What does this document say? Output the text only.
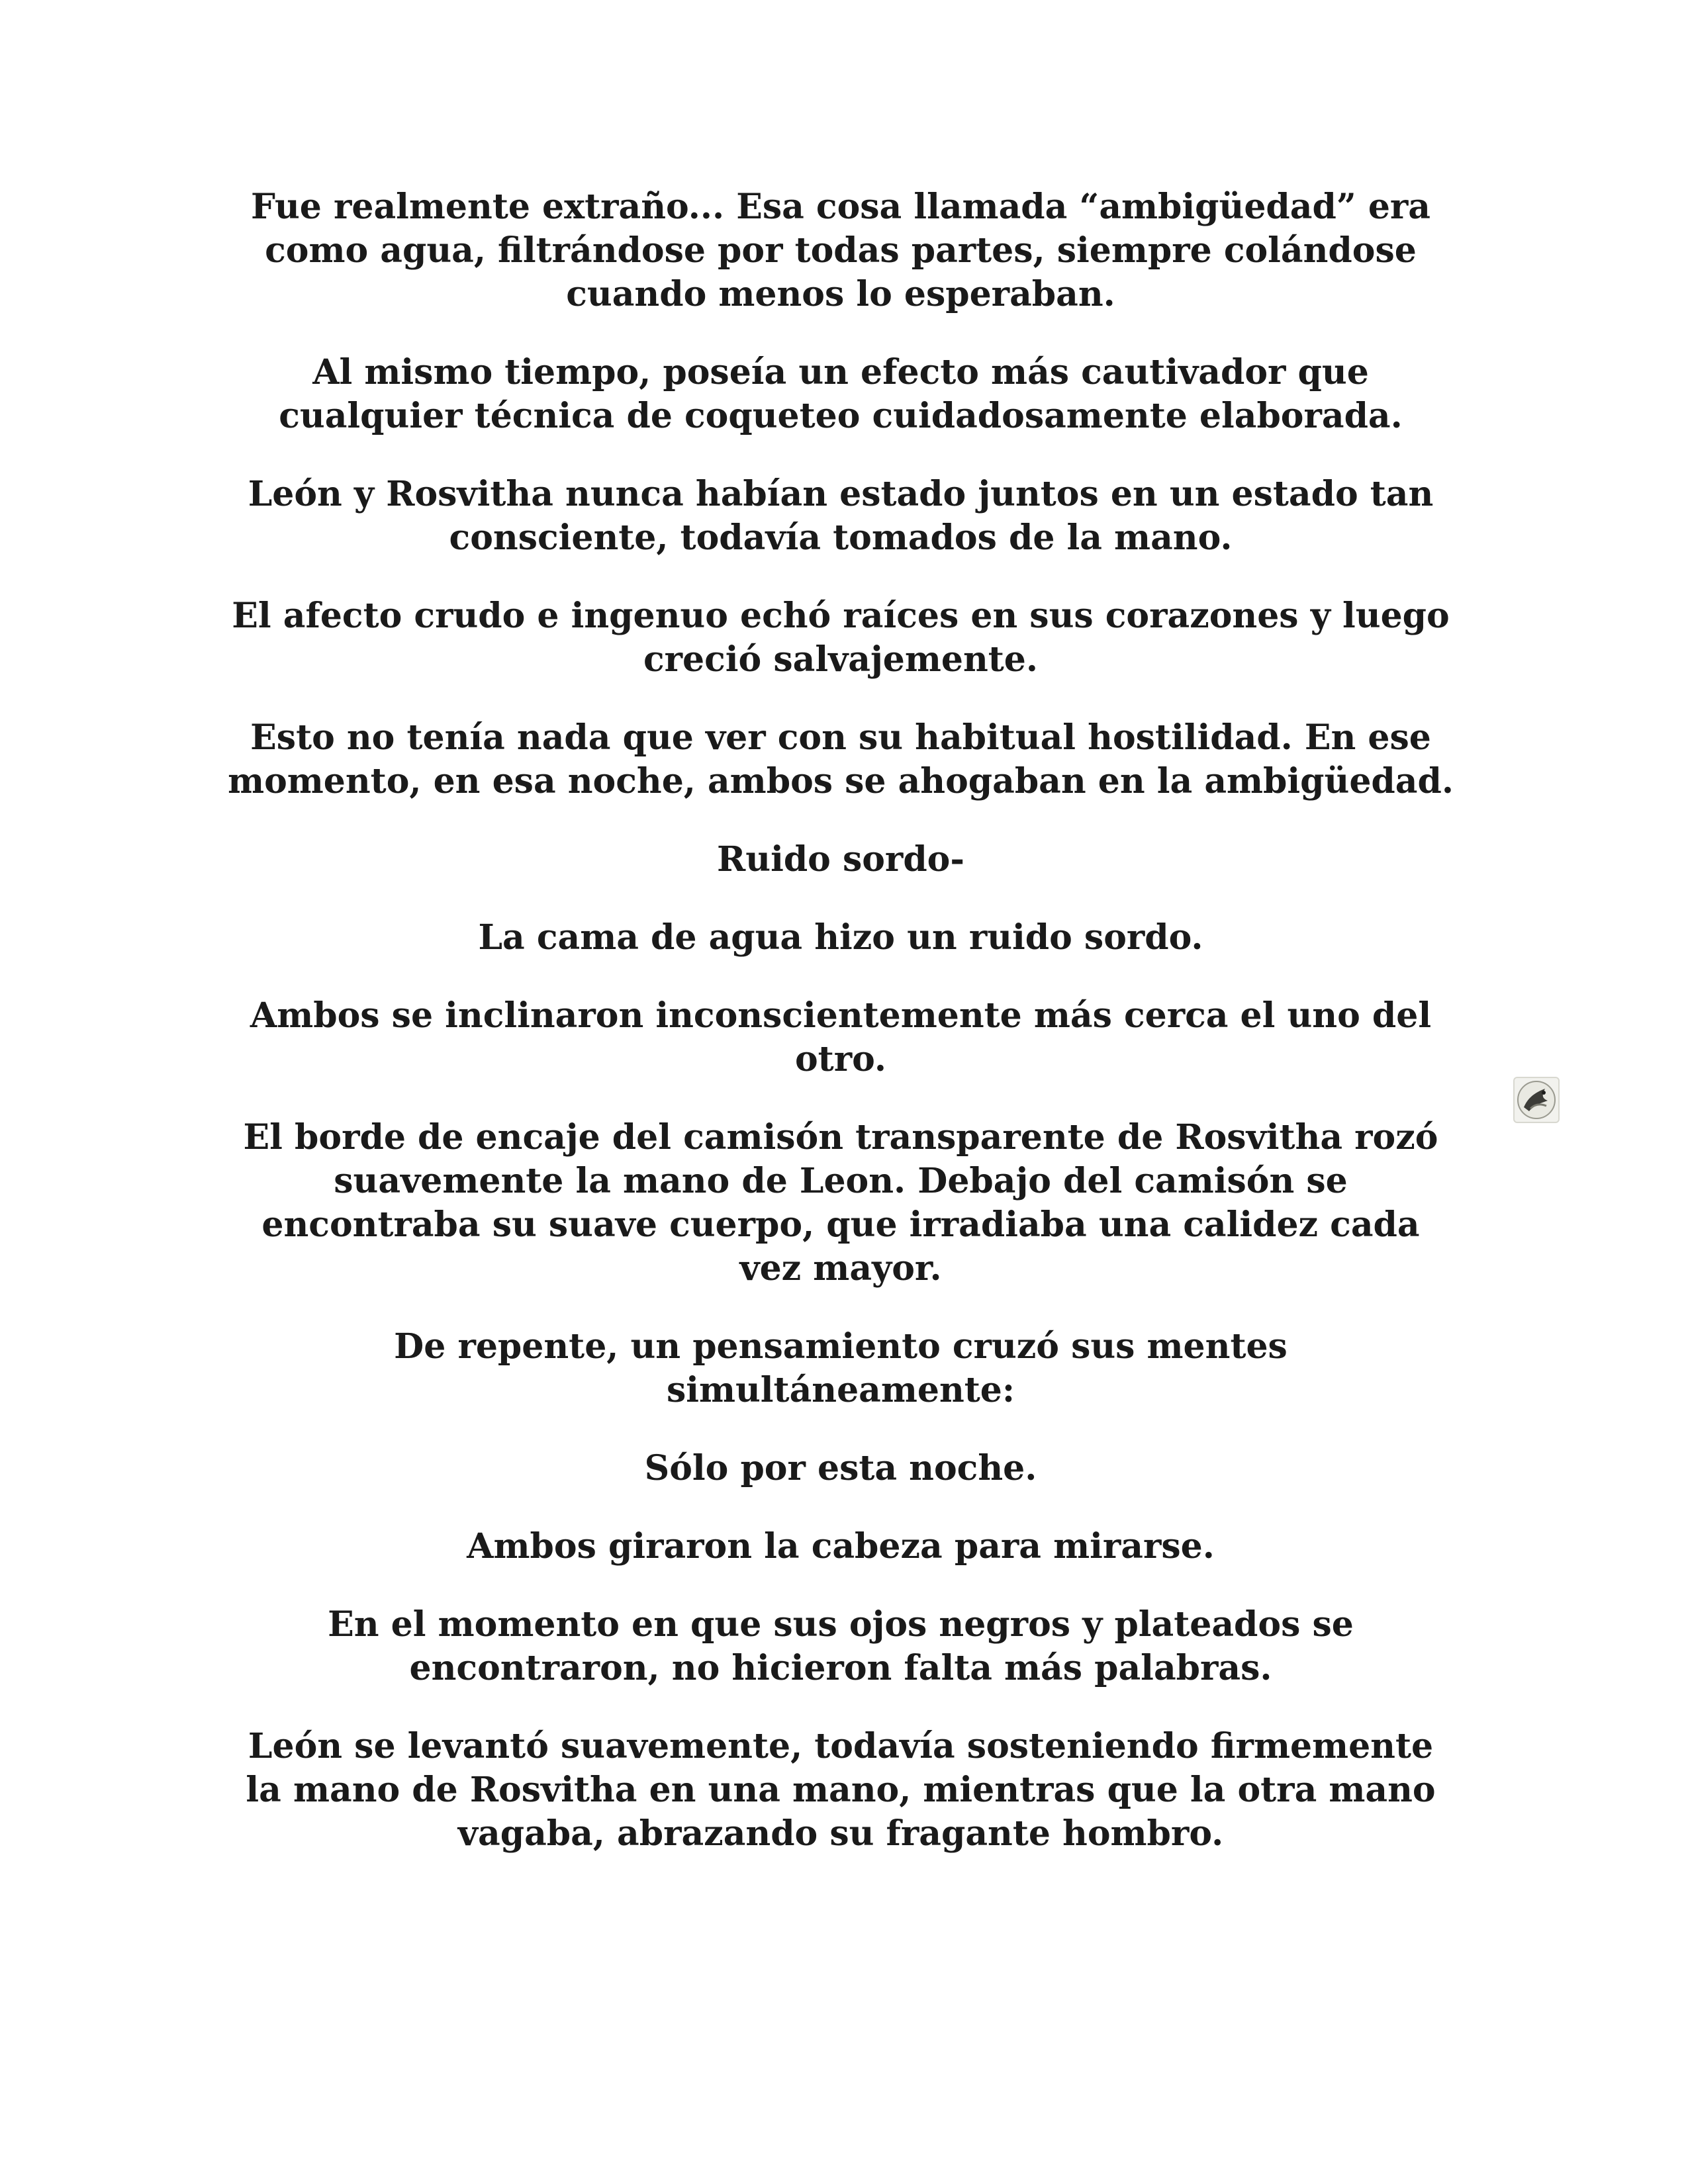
Fue realmente extraño... Esa cosa llamada “ambigüedad” era como agua, filtrándose por todas partes, siempre colándose cuando menos lo esperaban.

Al mismo tiempo, poseía un efecto más cautivador que cualquier técnica de coqueteo cuidadosamente elaborada.

León y Rosvitha nunca habían estado juntos en un estado tan consciente, todavía tomados de la mano.

El afecto crudo e ingenuo echó raíces en sus corazones y luego creció salvajemente.

Esto no tenía nada que ver con su habitual hostilidad. En ese momento, en esa noche, ambos se ahogaban en la ambigüedad.

Ruido sordo-

La cama de agua hizo un ruido sordo.

Ambos se inclinaron inconscientemente más cerca el uno del otro.

El borde de encaje del camisón transparente de Rosvitha rozó suavemente la mano de Leon. Debajo del camisón se encontraba su suave cuerpo, que irradiaba una calidez cada vez mayor.

De repente, un pensamiento cruzó sus mentes simultáneamente:

Sólo por esta noche.

Ambos giraron la cabeza para mirarse.

En el momento en que sus ojos negros y plateados se encontraron, no hicieron falta más palabras.

León se levantó suavemente, todavía sosteniendo firmemente la mano de Rosvitha en una mano, mientras que la otra mano vagaba, abrazando su fragante hombro.
